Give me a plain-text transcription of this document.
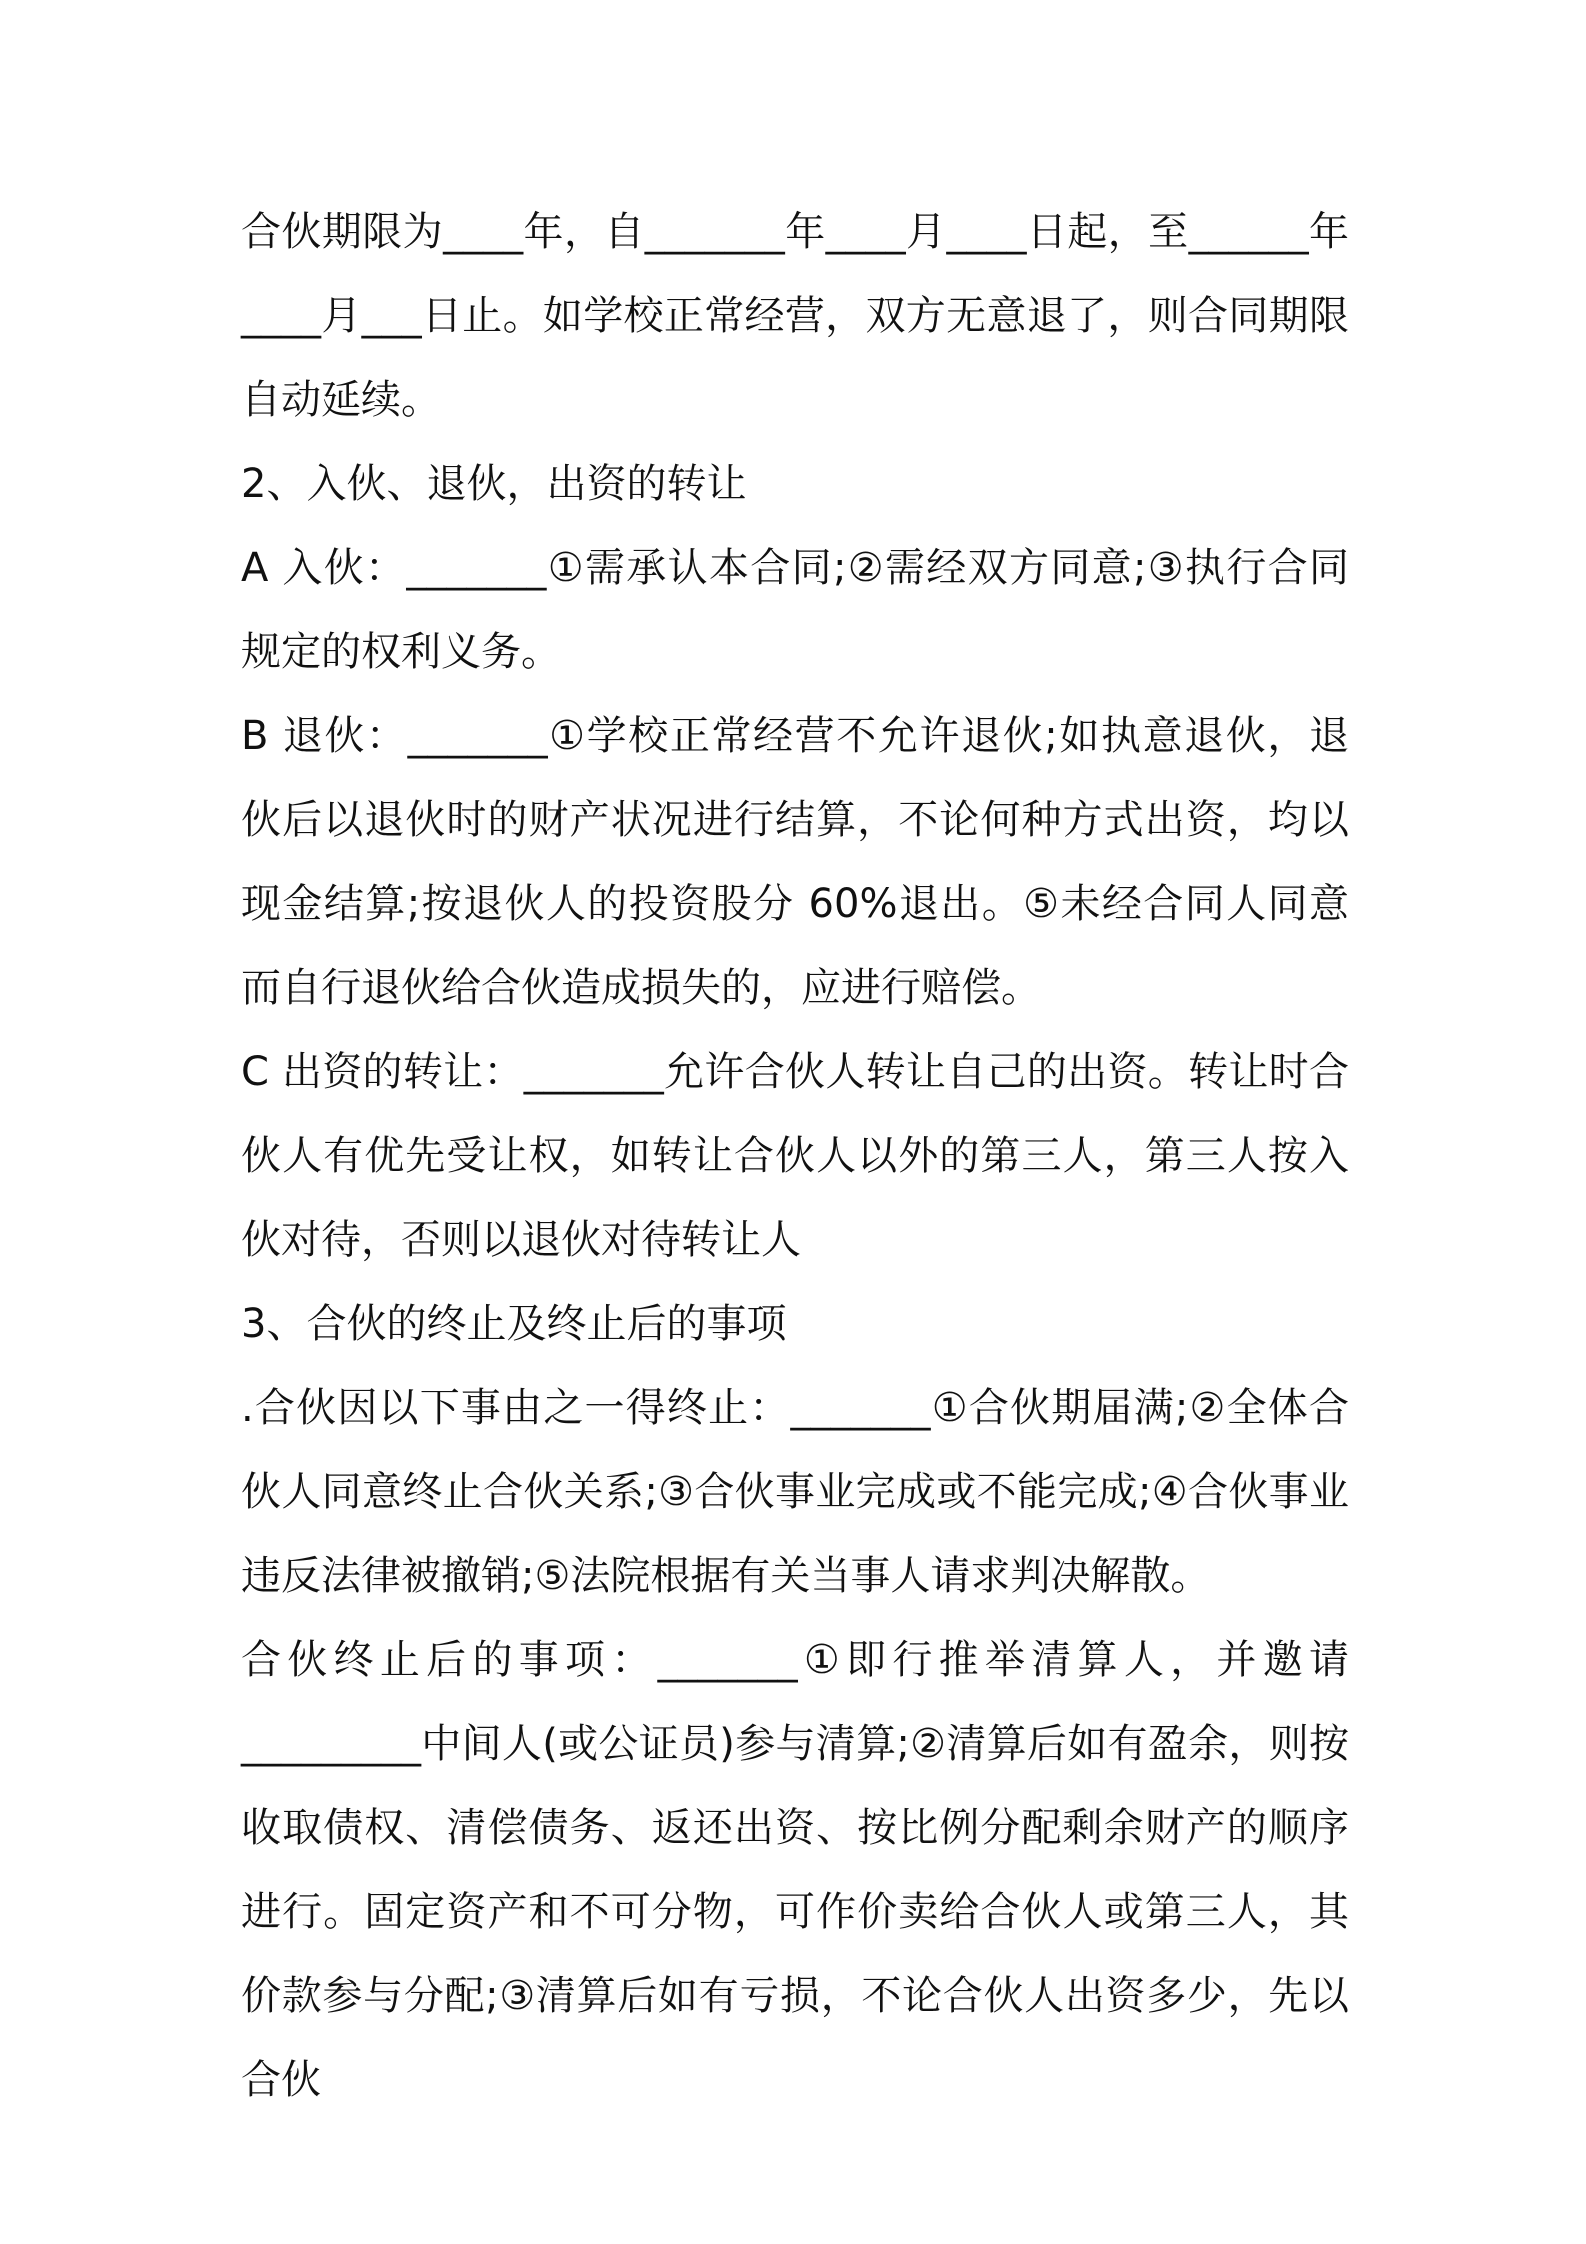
合伙期限为____年，自_______年____月____日起，至______年____月___日止。如学校正常经营，双方无意退了，则合同期限自动延续。

2、入伙、退伙，出资的转让

A 入伙：_______①需承认本合同;②需经双方同意;③执行合同规定的权利义务。

B 退伙：_______①学校正常经营不允许退伙;如执意退伙，退伙后以退伙时的财产状况进行结算，不论何种方式出资，均以现金结算;按退伙人的投资股分 60%退出。⑤未经合同人同意而自行退伙给合伙造成损失的，应进行赔偿。

C 出资的转让：_______允许合伙人转让自己的出资。转让时合伙人有优先受让权，如转让合伙人以外的第三人，第三人按入伙对待，否则以退伙对待转让人

3、合伙的终止及终止后的事项

.合伙因以下事由之一得终止：_______①合伙期届满;②全体合伙人同意终止合伙关系;③合伙事业完成或不能完成;④合伙事业违反法律被撤销;⑤法院根据有关当事人请求判决解散。

合伙终止后的事项：_______①即行推举清算人，并邀请_________中间人(或公证员)参与清算;②清算后如有盈余，则按收取债权、清偿债务、返还出资、按比例分配剩余财产的顺序进行。固定资产和不可分物，可作价卖给合伙人或第三人，其价款参与分配;③清算后如有亏损，不论合伙人出资多少，先以合伙
